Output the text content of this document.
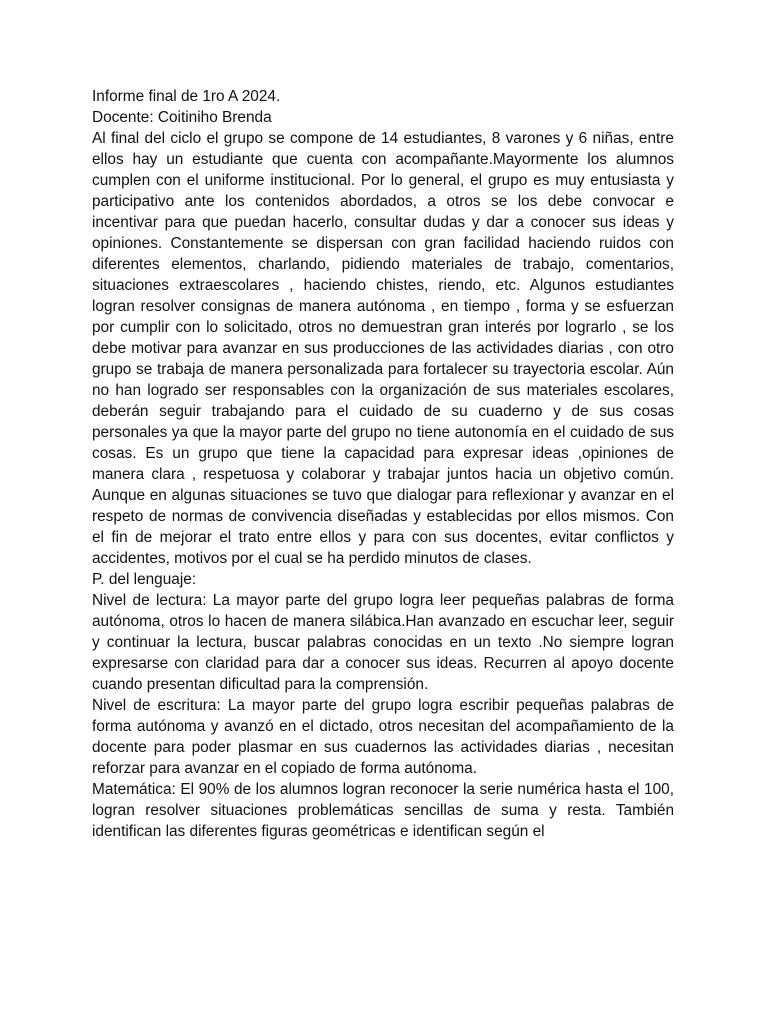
Informe final de 1ro A 2024.

Docente: Coitiniho Brenda

Al final del ciclo el grupo se compone de 14 estudiantes, 8 varones y 6 niñas, entre ellos hay un estudiante que cuenta con acompañante.Mayormente los alumnos cumplen con el uniforme institucional. Por lo general, el grupo es muy entusiasta y participativo ante los contenidos abordados, a otros se los debe convocar e incentivar para que puedan hacerlo, consultar dudas y dar a conocer sus ideas y opiniones. Constantemente se dispersan con gran facilidad haciendo ruidos con diferentes elementos, charlando, pidiendo materiales de trabajo, comentarios, situaciones extraescolares , haciendo chistes, riendo, etc. Algunos estudiantes logran resolver consignas de manera autónoma , en tiempo , forma y se esfuerzan por cumplir con lo solicitado, otros no demuestran gran interés por lograrlo , se los debe motivar para avanzar en sus producciones de las actividades diarias , con otro grupo se trabaja de manera personalizada para fortalecer su trayectoria escolar. Aún no han logrado ser responsables con la organización de sus materiales escolares, deberán seguir trabajando para el cuidado de su cuaderno y de sus cosas personales ya que la mayor parte del grupo no tiene autonomía en el cuidado de sus cosas. Es un grupo que tiene la capacidad para expresar ideas ,opiniones de manera clara , respetuosa y colaborar y trabajar juntos hacia un objetivo común. Aunque en algunas situaciones se tuvo que dialogar para reflexionar y avanzar en el respeto de normas de convivencia diseñadas y establecidas por ellos mismos. Con el fin de mejorar el trato entre ellos y para con sus docentes, evitar conflictos y accidentes, motivos por el cual se ha perdido minutos de clases.

P. del lenguaje:

Nivel de lectura: La mayor parte del grupo logra leer pequeñas palabras de forma autónoma, otros lo hacen de manera silábica.Han avanzado en escuchar leer, seguir y continuar la lectura, buscar palabras conocidas en un texto .No siempre logran expresarse con claridad para dar a conocer sus ideas. Recurren al apoyo docente cuando presentan dificultad para la comprensión.

Nivel de escritura: La mayor parte del grupo logra escribir pequeñas palabras de forma autónoma y avanzó en el dictado, otros necesitan del acompañamiento de la docente para poder plasmar en sus cuadernos las actividades diarias , necesitan reforzar para avanzar en el copiado de forma autónoma.

Matemática: El 90% de los alumnos logran reconocer la serie numérica hasta el 100, logran resolver situaciones problemáticas sencillas de suma y resta. También identifican las diferentes figuras geométricas e identifican según el
